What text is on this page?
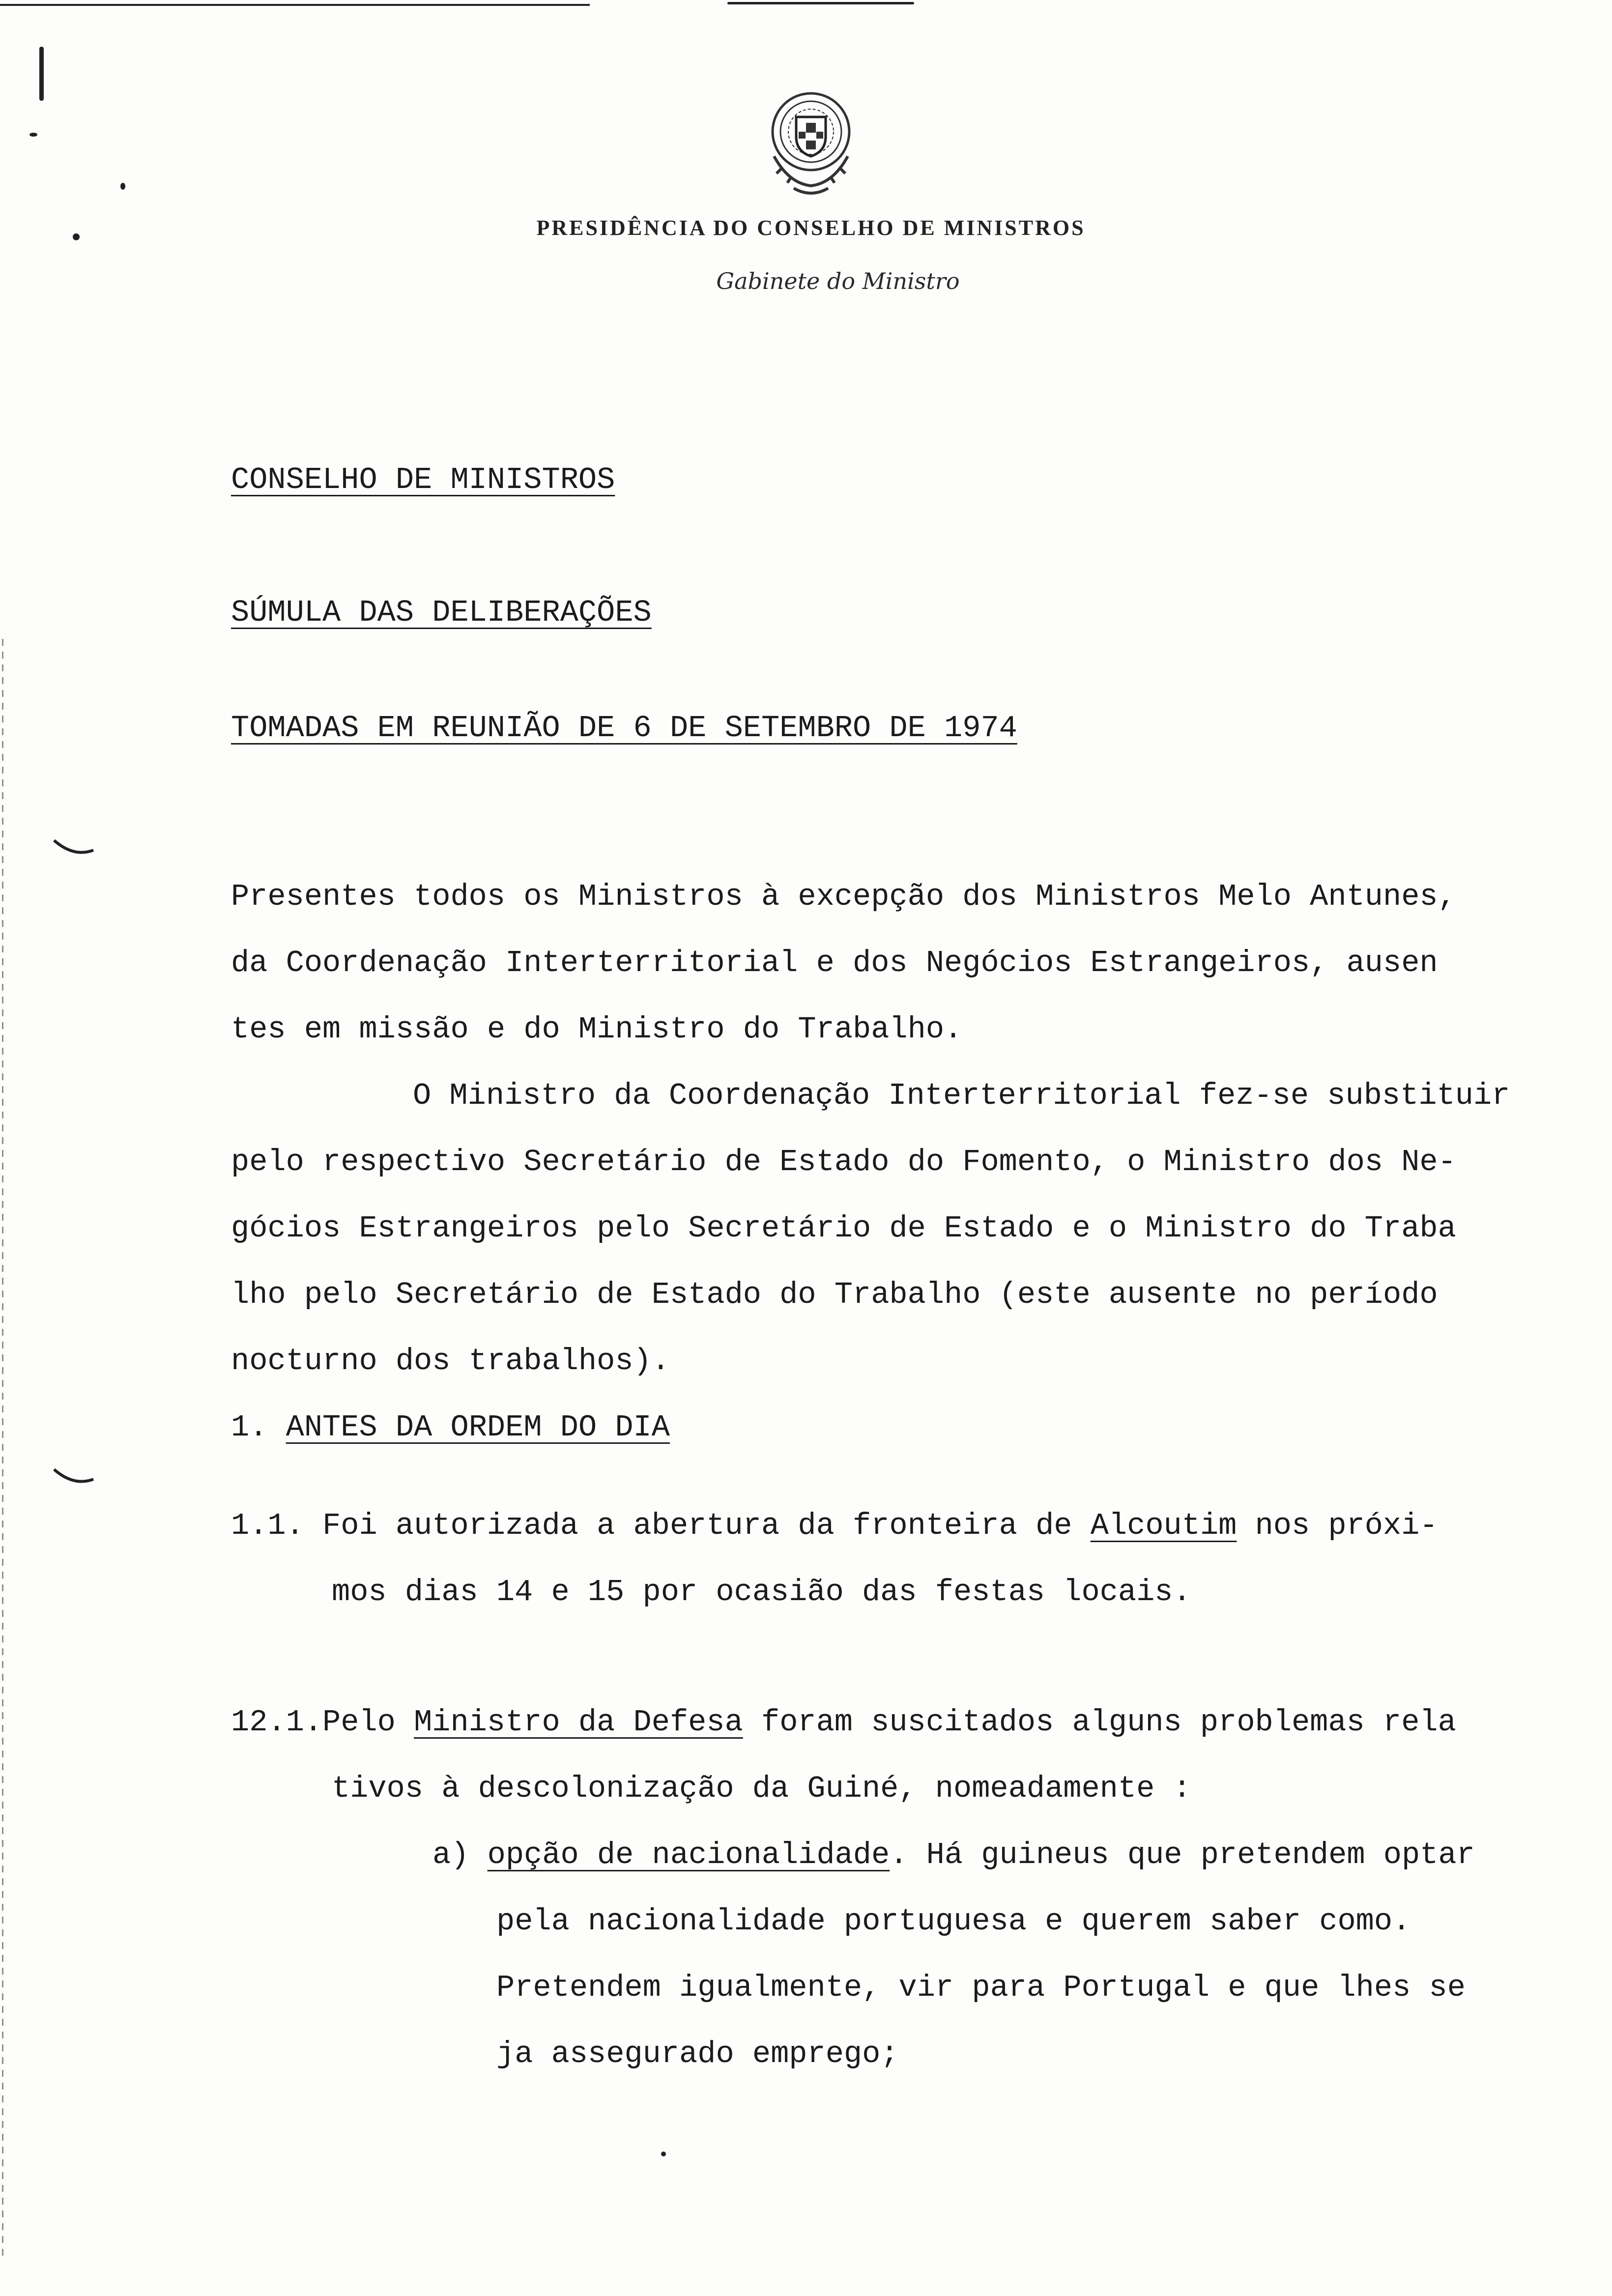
PRESIDÊNCIA DO CONSELHO DE MINISTROS
Gabinete do Ministro
CONSELHO DE MINISTROS
SÚMULA DAS DELIBERAÇÕES
TOMADAS EM REUNIÃO DE 6 DE SETEMBRO DE 1974
Presentes todos os Ministros à excepção dos Ministros Melo Antunes,
da Coordenação Interterritorial e dos Negócios Estrangeiros, ausen
tes em missão e do Ministro do Trabalho.
O Ministro da Coordenação Interterritorial fez-se substituir
pelo respectivo Secretário de Estado do Fomento, o Ministro dos Ne-
gócios Estrangeiros pelo Secretário de Estado e o Ministro do Traba
lho pelo Secretário de Estado do Trabalho (este ausente no período
nocturno dos trabalhos).
1. ANTES DA ORDEM DO DIA
1.1. Foi autorizada a abertura da fronteira de Alcoutim nos próxi-
mos dias 14 e 15 por ocasião das festas locais.
12.1.Pelo Ministro da Defesa foram suscitados alguns problemas rela
tivos à descolonização da Guiné, nomeadamente :
a) opção de nacionalidade. Há guineus que pretendem optar
pela nacionalidade portuguesa e querem saber como.
Pretendem igualmente, vir para Portugal e que lhes se
ja assegurado emprego;
